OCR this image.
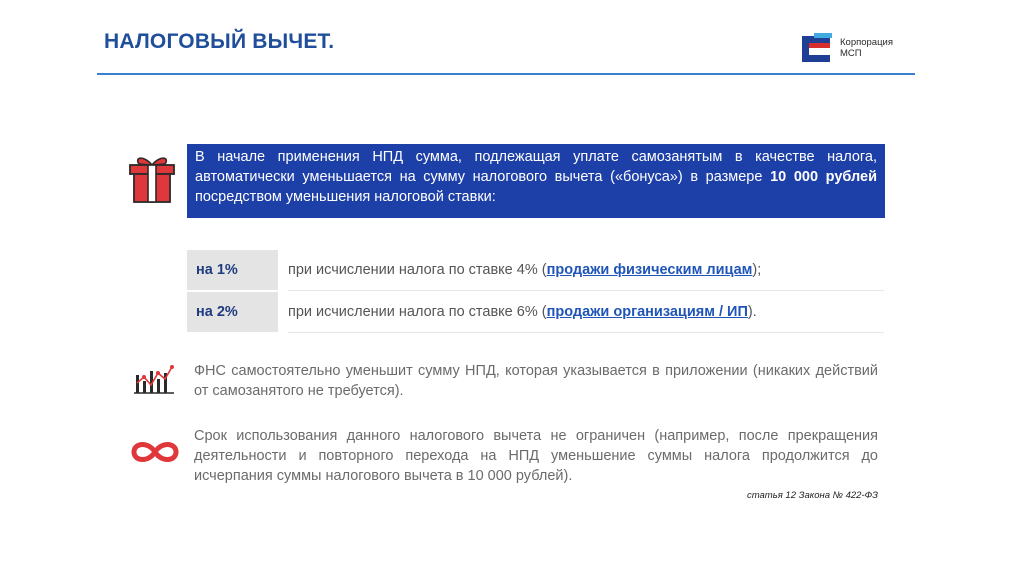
НАЛОГОВЫЙ ВЫЧЕТ.	Корпорация
МСП
В начале применения НПД сумма, подлежащая уплате самозанятым в качестве налога, автоматически уменьшается на сумму налогового вычета («бонуса») в размере 10 000 рублей посредством уменьшения налоговой ставки:
на 1%	при исчислении налога по ставке 4% (продажи физическим лицам);
на 2%	при исчислении налога по ставке 6% (продажи организациям / ИП).
ФНС самостоятельно уменьшит сумму НПД, которая указывается в приложении (никаких действий от самозанятого не требуется).
Срок использования данного налогового вычета не ограничен (например, после прекращения деятельности и повторного перехода на НПД уменьшение суммы налога продолжится до исчерпания суммы налогового вычета в 10 000 рублей).
статья 12 Закона № 422-ФЗ
